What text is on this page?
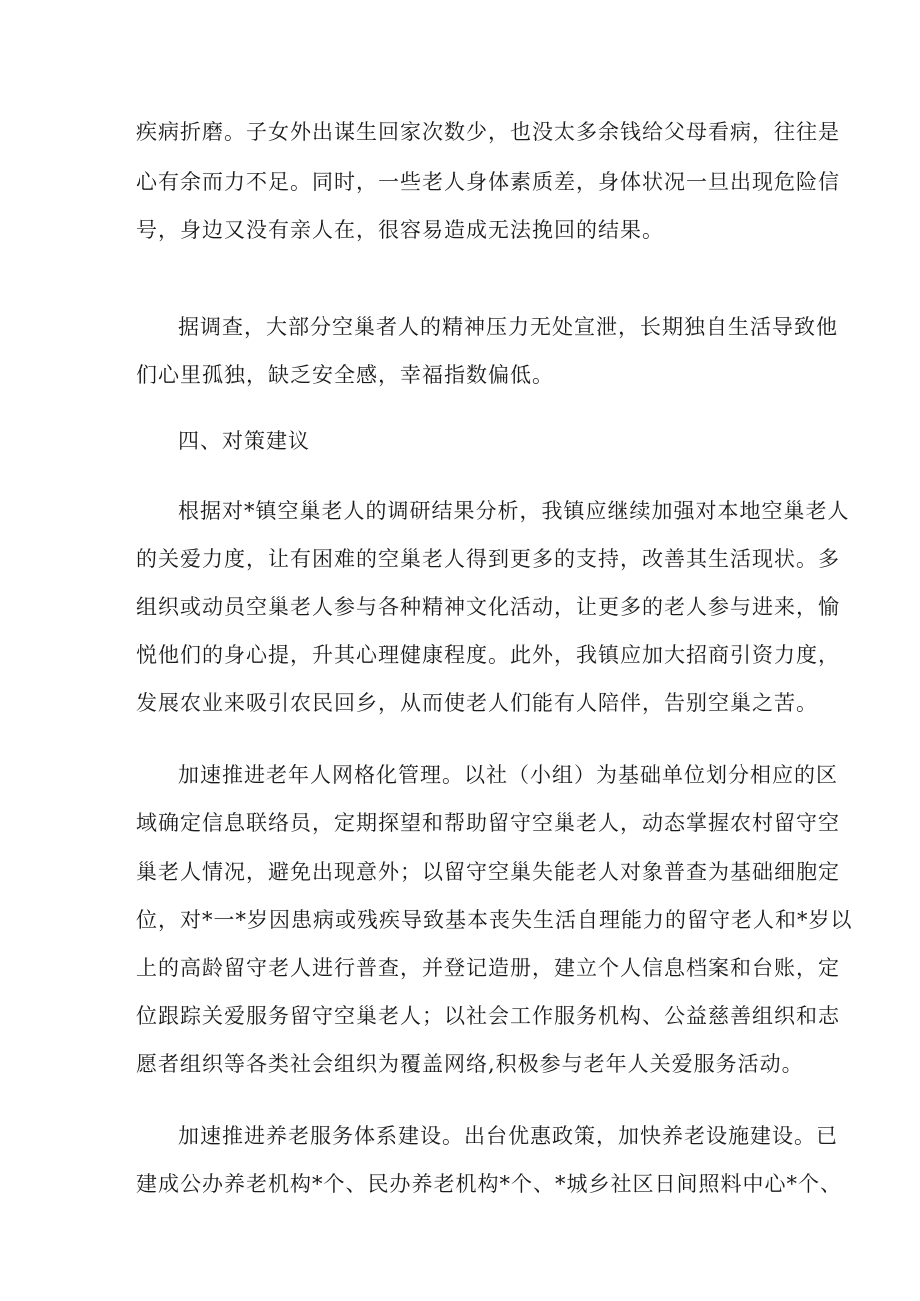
疾病折磨。子女外出谋生回家次数少，也没太多余钱给父母看病，往往是
心有余而力不足。同时，一些老人身体素质差，身体状况一旦出现危险信
号，身边又没有亲人在，很容易造成无法挽回的结果。
据调查，大部分空巢者人的精神压力无处宣泄，长期独自生活导致他
们心里孤独，缺乏安全感，幸福指数偏低。
四、对策建议
根据对*镇空巢老人的调研结果分析，我镇应继续加强对本地空巢老人
的关爱力度，让有困难的空巢老人得到更多的支持，改善其生活现状。多
组织或动员空巢老人参与各种精神文化活动，让更多的老人参与进来，愉
悦他们的身心提，升其心理健康程度。此外，我镇应加大招商引资力度，
发展农业来吸引农民回乡，从而使老人们能有人陪伴，告别空巢之苦。
加速推进老年人网格化管理。以社（小组）为基础单位划分相应的区
域确定信息联络员，定期探望和帮助留守空巢老人，动态掌握农村留守空
巢老人情况，避免出现意外；以留守空巢失能老人对象普查为基础细胞定
位，对*一*岁因患病或残疾导致基本丧失生活自理能力的留守老人和*岁以
上的高龄留守老人进行普查，并登记造册，建立个人信息档案和台账，定
位跟踪关爱服务留守空巢老人；以社会工作服务机构、公益慈善组织和志
愿者组织等各类社会组织为覆盖网络,积极参与老年人关爱服务活动。
加速推进养老服务体系建设。出台优惠政策，加快养老设施建设。已
建成公办养老机构*个、民办养老机构*个、*城乡社区日间照料中心*个、
